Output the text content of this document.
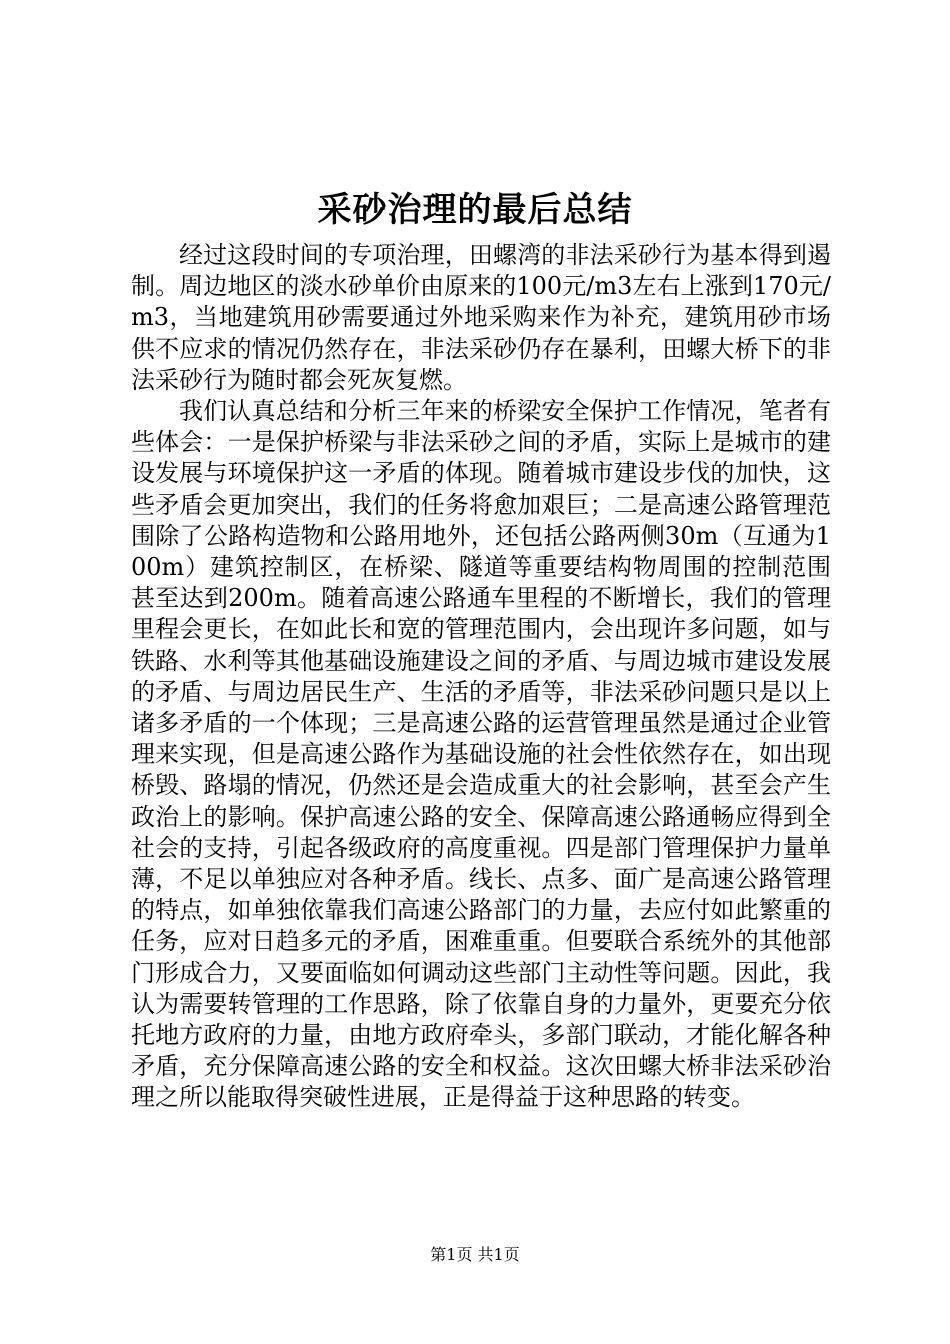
采砂治理的最后总结

经过这段时间的专项治理，田螺湾的非法采砂行为基本得到遏制。周边地区的淡水砂单价由原来的100元/m3左右上涨到170元/m3，当地建筑用砂需要通过外地采购来作为补充，建筑用砂市场供不应求的情况仍然存在，非法采砂仍存在暴利，田螺大桥下的非法采砂行为随时都会死灰复燃。

我们认真总结和分析三年来的桥梁安全保护工作情况，笔者有些体会：一是保护桥梁与非法采砂之间的矛盾，实际上是城市的建设发展与环境保护这一矛盾的体现。随着城市建设步伐的加快，这些矛盾会更加突出，我们的任务将愈加艰巨；二是高速公路管理范围除了公路构造物和公路用地外，还包括公路两侧30m（互通为100m）建筑控制区，在桥梁、隧道等重要结构物周围的控制范围甚至达到200m。随着高速公路通车里程的不断增长，我们的管理里程会更长，在如此长和宽的管理范围内，会出现许多问题，如与铁路、水利等其他基础设施建设之间的矛盾、与周边城市建设发展的矛盾、与周边居民生产、生活的矛盾等，非法采砂问题只是以上诸多矛盾的一个体现；三是高速公路的运营管理虽然是通过企业管理来实现，但是高速公路作为基础设施的社会性依然存在，如出现桥毁、路塌的情况，仍然还是会造成重大的社会影响，甚至会产生政治上的影响。保护高速公路的安全、保障高速公路通畅应得到全社会的支持，引起各级政府的高度重视。四是部门管理保护力量单薄，不足以单独应对各种矛盾。线长、点多、面广是高速公路管理的特点，如单独依靠我们高速公路部门的力量，去应付如此繁重的任务，应对日趋多元的矛盾，困难重重。但要联合系统外的其他部门形成合力，又要面临如何调动这些部门主动性等问题。因此，我认为需要转管理的工作思路，除了依靠自身的力量外，更要充分依托地方政府的力量，由地方政府牵头，多部门联动，才能化解各种矛盾，充分保障高速公路的安全和权益。这次田螺大桥非法采砂治理之所以能取得突破性进展，正是得益于这种思路的转变。

第1页 共1页
